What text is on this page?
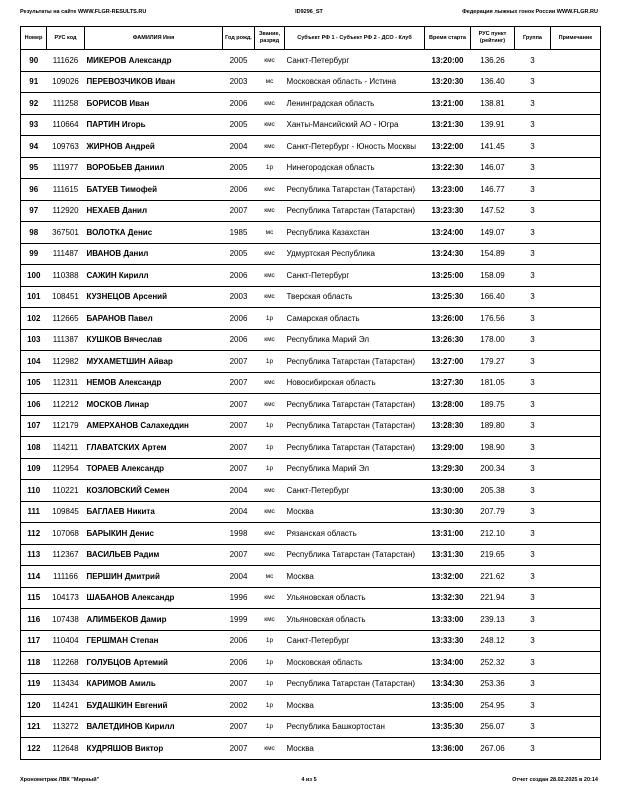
Результаты на сайте WWW.FLGR-RESULTS.RU	ID9296_ST	Федерация лыжных гонок России WWW.FLGR.RU
Номер	РУС код	ФАМИЛИЯ Имя	Год рожд.	Звание, разряд	Субъект РФ 1 - Субъект РФ 2 - ДСО - Клуб	Время старта	РУС пункт (рейтинг)	Группа	Примечание
90	111626	МИКЕРОВ Александр	2005	кмс	Санкт-Петербург	13:20:00	136.26	3	
91	109026	ПЕРЕВОЗЧИКОВ Иван	2003	мс	Московская область - Истина	13:20:30	136.40	3	
92	111258	БОРИСОВ Иван	2006	кмс	Ленинградская область	13:21:00	138.81	3	
93	110664	ПАРТИН Игорь	2005	кмс	Ханты-Мансийский АО - Югра	13:21:30	139.91	3	
94	109763	ЖИРНОВ Андрей	2004	кмс	Санкт-Петербург - Юность Москвы	13:22:00	141.45	3	
95	111977	ВОРОБЬЕВ Даниил	2005	1р	Нинегородская область	13:22:30	146.07	3	
96	111615	БАТУЕВ Тимофей	2006	кмс	Республика Татарстан (Татарстан)	13:23:00	146.77	3	
97	112920	НЕХАЕВ Данил	2007	кмс	Республика Татарстан (Татарстан)	13:23:30	147.52	3	
98	367501	ВОЛОТКА Денис	1985	мс	Республика Казахстан	13:24:00	149.07	3	
99	111487	ИВАНОВ Данил	2005	кмс	Удмуртская Республика	13:24:30	154.89	3	
100	110388	САЖИН Кирилл	2006	кмс	Санкт-Петербург	13:25:00	158.09	3	
101	108451	КУЗНЕЦОВ Арсений	2003	кмс	Тверская область	13:25:30	166.40	3	
102	112665	БАРАНОВ Павел	2006	1р	Самарская область	13:26:00	176.56	3	
103	111387	КУШКОВ Вячеслав	2006	кмс	Республика Марий Эл	13:26:30	178.00	3	
104	112982	МУХАМЕТШИН Айвар	2007	1р	Республика Татарстан (Татарстан)	13:27:00	179.27	3	
105	112311	НЕМОВ Александр	2007	кмс	Новосибирская область	13:27:30	181.05	3	
106	112212	МОСКОВ Линар	2007	кмс	Республика Татарстан (Татарстан)	13:28:00	189.75	3	
107	112179	АМЕРХАНОВ Салахеддин	2007	1р	Республика Татарстан (Татарстан)	13:28:30	189.80	3	
108	114211	ГЛАВАТСКИХ Артем	2007	1р	Республика Татарстан (Татарстан)	13:29:00	198.90	3	
109	112954	ТОРАЕВ Александр	2007	1р	Республика Марий Эл	13:29:30	200.34	3	
110	110221	КОЗЛОВСКИЙ Семен	2004	кмс	Санкт-Петербург	13:30:00	205.38	3	
111	109845	БАГЛАЕВ Никита	2004	кмс	Москва	13:30:30	207.79	3	
112	107068	БАРЫКИН Денис	1998	кмс	Рязанская область	13:31:00	212.10	3	
113	112367	ВАСИЛЬЕВ Радим	2007	кмс	Республика Татарстан (Татарстан)	13:31:30	219.65	3	
114	111166	ПЕРШИН Дмитрий	2004	мс	Москва	13:32:00	221.62	3	
115	104173	ШАБАНОВ Александр	1996	кмс	Ульяновская область	13:32:30	221.94	3	
116	107438	АЛИМБЕКОВ Дамир	1999	кмс	Ульяновская область	13:33:00	239.13	3	
117	110404	ГЕРШМАН Степан	2006	1р	Санкт-Петербург	13:33:30	248.12	3	
118	112268	ГОЛУБЦОВ Артемий	2006	1р	Московская область	13:34:00	252.32	3	
119	113434	КАРИМОВ Амиль	2007	1р	Республика Татарстан (Татарстан)	13:34:30	253.36	3	
120	114241	БУДАШКИН Евгений	2002	1р	Москва	13:35:00	254.95	3	
121	113272	ВАЛЕТДИНОВ Кирилл	2007	1р	Республика Башкортостан	13:35:30	256.07	3	
122	112648	КУДРЯШОВ Виктор	2007	кмс	Москва	13:36:00	267.06	3	
Хронометраж ЛВК "Мирный"	4 из 5	Отчет создан 28.02.2025 в 20:14
